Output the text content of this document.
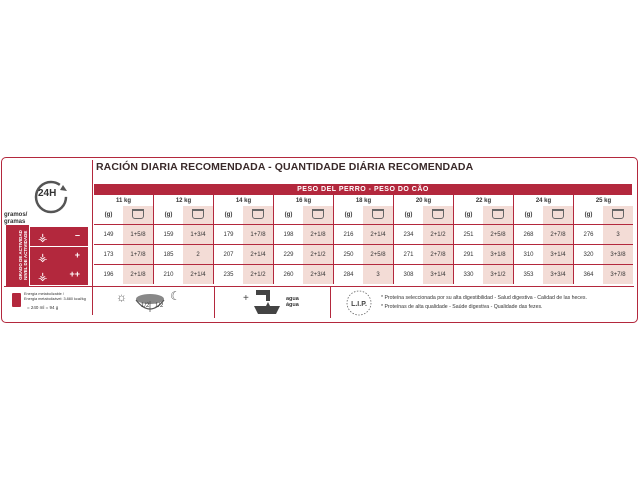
RACIÓN DIARIA RECOMENDADA - QUANTIDADE DIÁRIA RECOMENDADA
24H
gramos/
gramas
PESO DEL PERRO - PESO DO CÃO
GRADO DE ACTIVIDAD NIVEL DE ACTIVIDADE ⚶	–
⚶	+
⚶ ++
11 kg		12 kg		14 kg		16 kg		18 kg		20 kg		22 kg		24 kg		25 kg	
(g)		(g)		(g)		(g)		(g)		(g)		(g)		(g)		(g)	
149	1+5/8	159	1+3/4	179	1+7/8	198	2+1/8	216	2+1/4	234	2+1/2	251	2+5/8	268	2+7/8	276	3
173	1+7/8	185	2	207	2+1/4	229	2+1/2	250	2+5/8	271	2+7/8	291	3+1/8	310	3+1/4	320	3+3/8
196	2+1/8	210	2+1/4	235	2+1/2	260	2+3/4	284	3	308	3+1/4	330	3+1/2	353	3+3/4	364	3+7/8
Energía metabolizable /
Energia metabolizável: 3.880 kcal/kg
= 240 ml = 94 g
☼
1/2 1/2
☾	+	agua
água	L.I.P.
* Proteína seleccionada por su alta digestibilidad - Salud digestiva - Calidad de las heces.
* Proteínas de alta qualidade - Saúde digestiva - Qualidade das fezes.
